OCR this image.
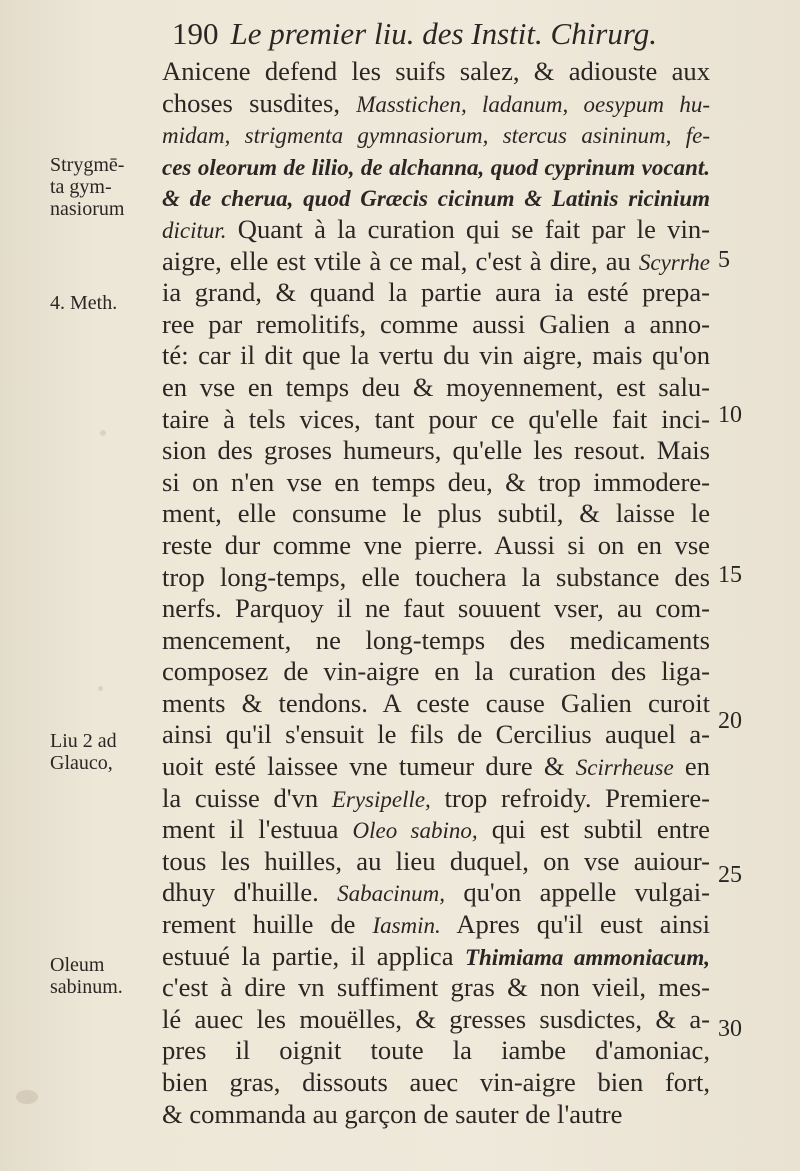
190 Le premier liu. des Instit. Chirurg.
Anicene defend les suifs salez, & adiouste aux
choses susdites, Masstichen, ladanum, oesypum hu-
midam, strigmenta gymnasiorum, stercus asininum, fe-
ces oleorum de lilio, de alchanna, quod cyprinum vocant.
& de cherua, quod Græcis cicinum & Latinis ricinium
dicitur. Quant à la curation qui se fait par le vin-
aigre, elle est vtile à ce mal, c'est à dire, au Scyrrhe
ia grand, & quand la partie aura ia esté prepa-
ree par remolitifs, comme aussi Galien a anno-
té: car il dit que la vertu du vin aigre, mais qu'on
en vse en temps deu & moyennement, est salu-
taire à tels vices, tant pour ce qu'elle fait inci-
sion des groses humeurs, qu'elle les resout. Mais
si on n'en vse en temps deu, & trop immodere-
ment, elle consume le plus subtil, & laisse le
reste dur comme vne pierre. Aussi si on en vse
trop long-temps, elle touchera la substance des
nerfs. Parquoy il ne faut souuent vser, au com-
mencement, ne long-temps des medicaments
composez de vin-aigre en la curation des liga-
ments & tendons. A ceste cause Galien curoit
ainsi qu'il s'ensuit le fils de Cercilius auquel a-
uoit esté laissee vne tumeur dure & Scirrheuse en
la cuisse d'vn Erysipelle, trop refroidy. Premiere-
ment il l'estuua Oleo sabino, qui est subtil entre
tous les huilles, au lieu duquel, on vse auiour-
dhuy d'huille. Sabacinum, qu'on appelle vulgai-
rement huille de Iasmin. Apres qu'il eust ainsi
estuué la partie, il applica Thimiama ammoniacum,
c'est à dire vn suffiment gras & non vieil, mes-
lé auec les mouëlles, & gresses susdictes, & a-
pres il oignit toute la iambe d'amoniac,
bien gras, dissouts auec vin-aigre bien fort,
& commanda au garçon de sauter de l'autre
Strygmē-
ta gym-
nasiorum
4. Meth.
Liu 2 ad
Glauco,
Oleum
sabinum.
5
10
15
20
25
30
